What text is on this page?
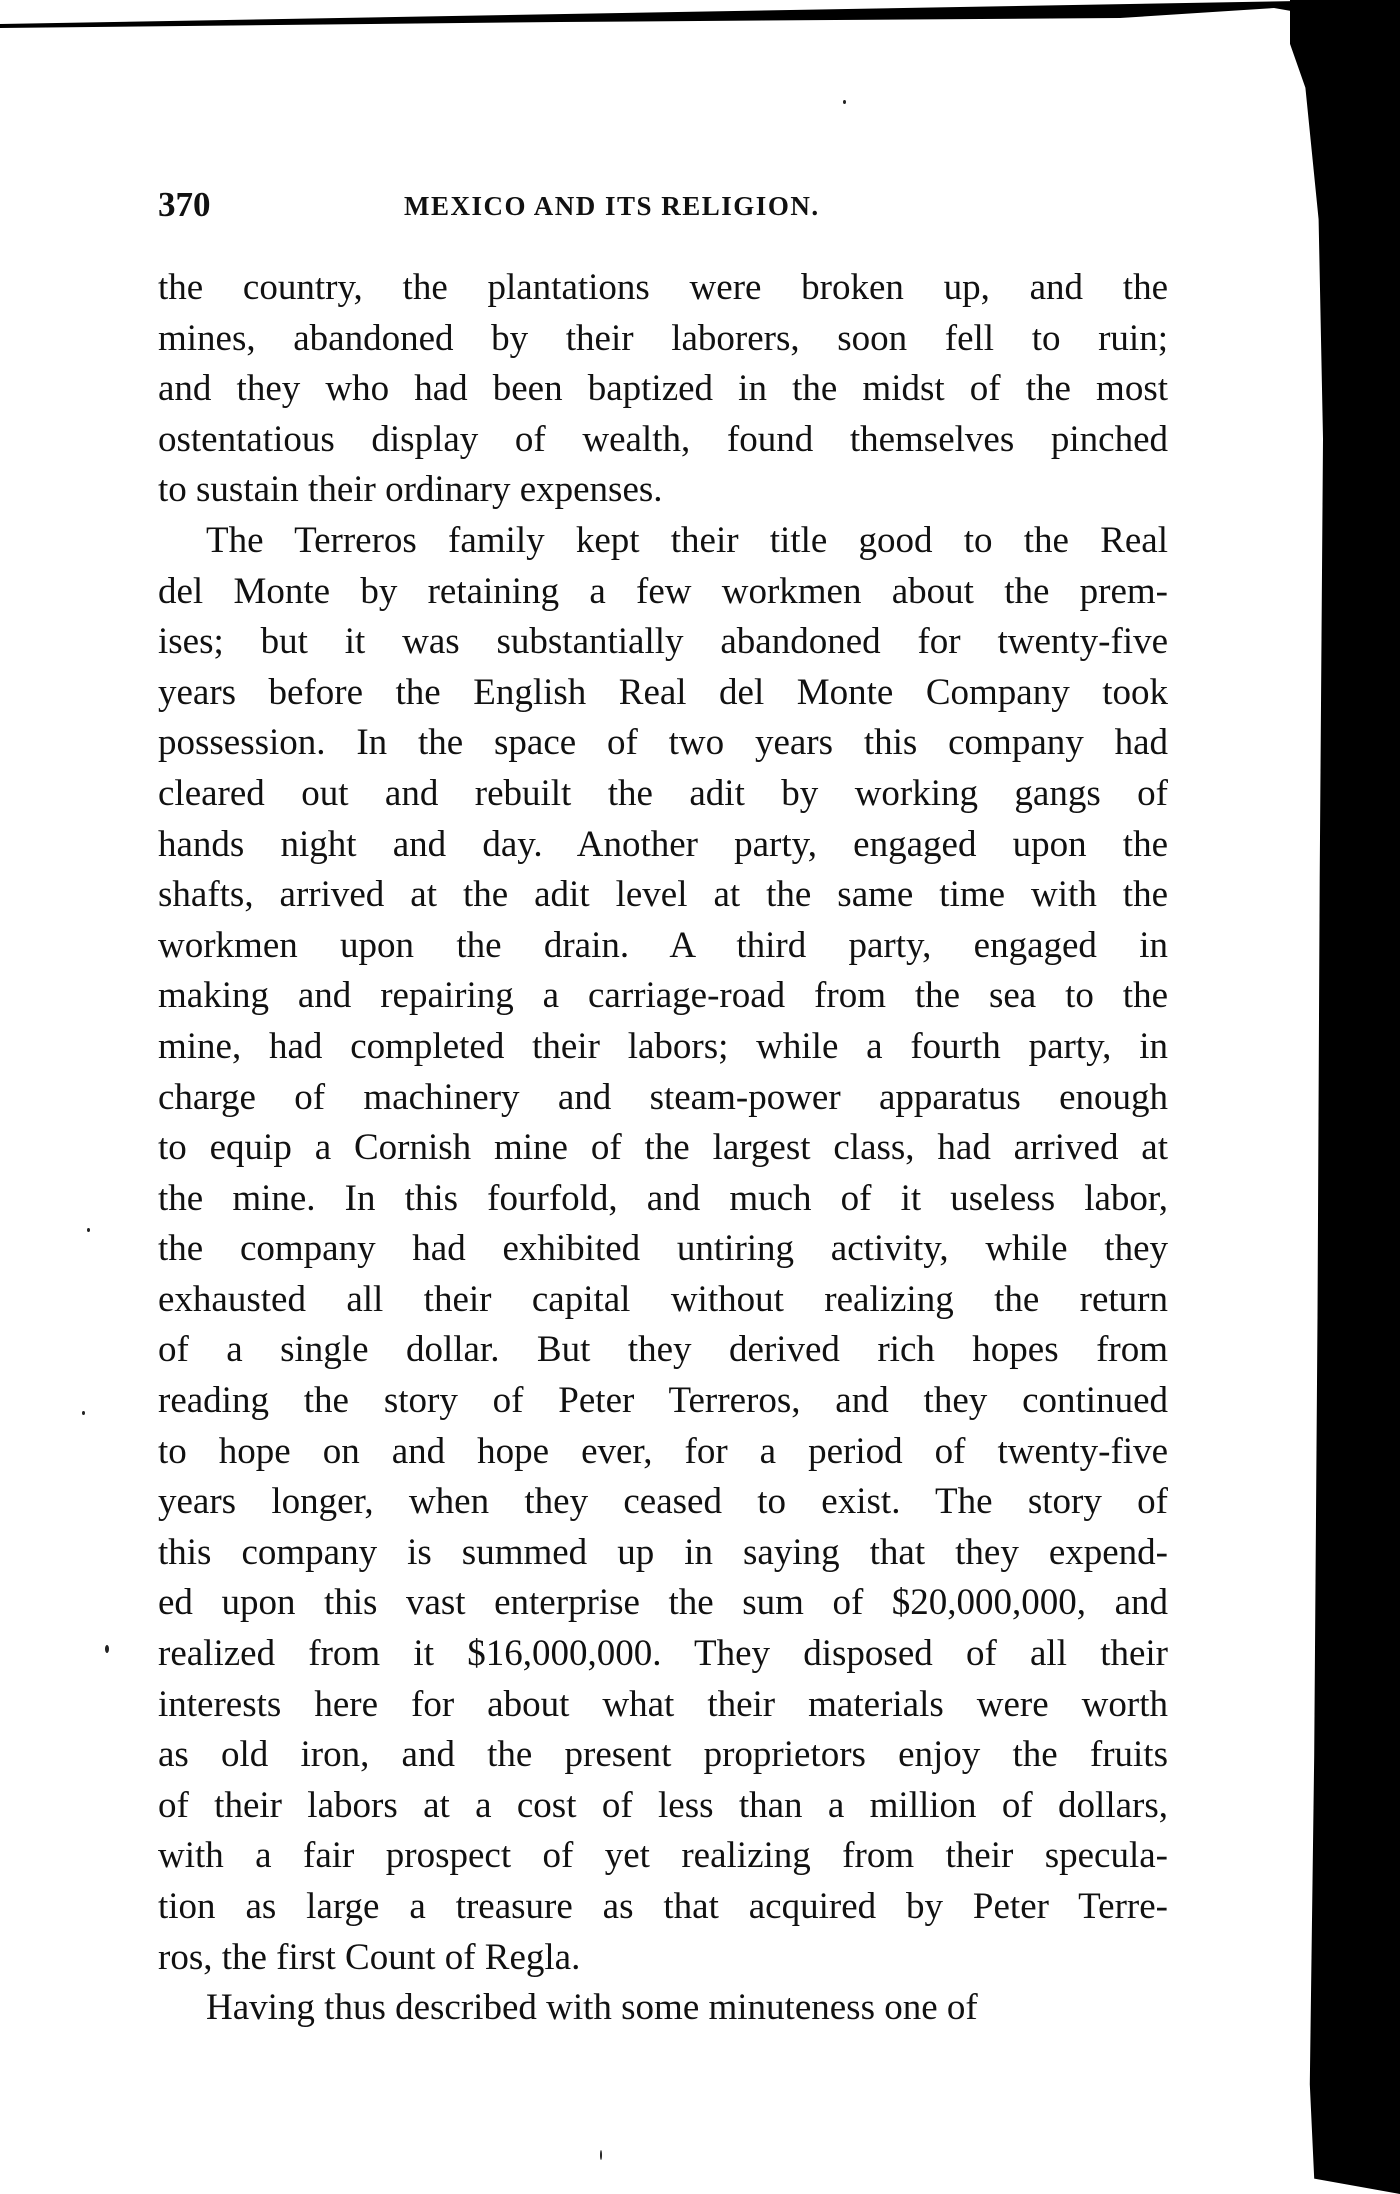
370	MEXICO AND ITS RELIGION.
the country, the plantations were broken up, and the
mines, abandoned by their laborers, soon fell to ruin;
and they who had been baptized in the midst of the most
ostentatious display of wealth, found themselves pinched
to sustain their ordinary expenses.
The Terreros family kept their title good to the Real
del Monte by retaining a few workmen about the prem-
ises; but it was substantially abandoned for twenty-five
years before the English Real del Monte Company took
possession. In the space of two years this company had
cleared out and rebuilt the adit by working gangs of
hands night and day. Another party, engaged upon the
shafts, arrived at the adit level at the same time with the
workmen upon the drain. A third party, engaged in
making and repairing a carriage-road from the sea to the
mine, had completed their labors; while a fourth party, in
charge of machinery and steam-power apparatus enough
to equip a Cornish mine of the largest class, had arrived at
the mine. In this fourfold, and much of it useless labor,
the company had exhibited untiring activity, while they
exhausted all their capital without realizing the return
of a single dollar. But they derived rich hopes from
reading the story of Peter Terreros, and they continued
to hope on and hope ever, for a period of twenty-five
years longer, when they ceased to exist. The story of
this company is summed up in saying that they expend-
ed upon this vast enterprise the sum of $20,000,000, and
realized from it $16,000,000. They disposed of all their
interests here for about what their materials were worth
as old iron, and the present proprietors enjoy the fruits
of their labors at a cost of less than a million of dollars,
with a fair prospect of yet realizing from their specula-
tion as large a treasure as that acquired by Peter Terre-
ros, the first Count of Regla.
Having thus described with some minuteness one of
